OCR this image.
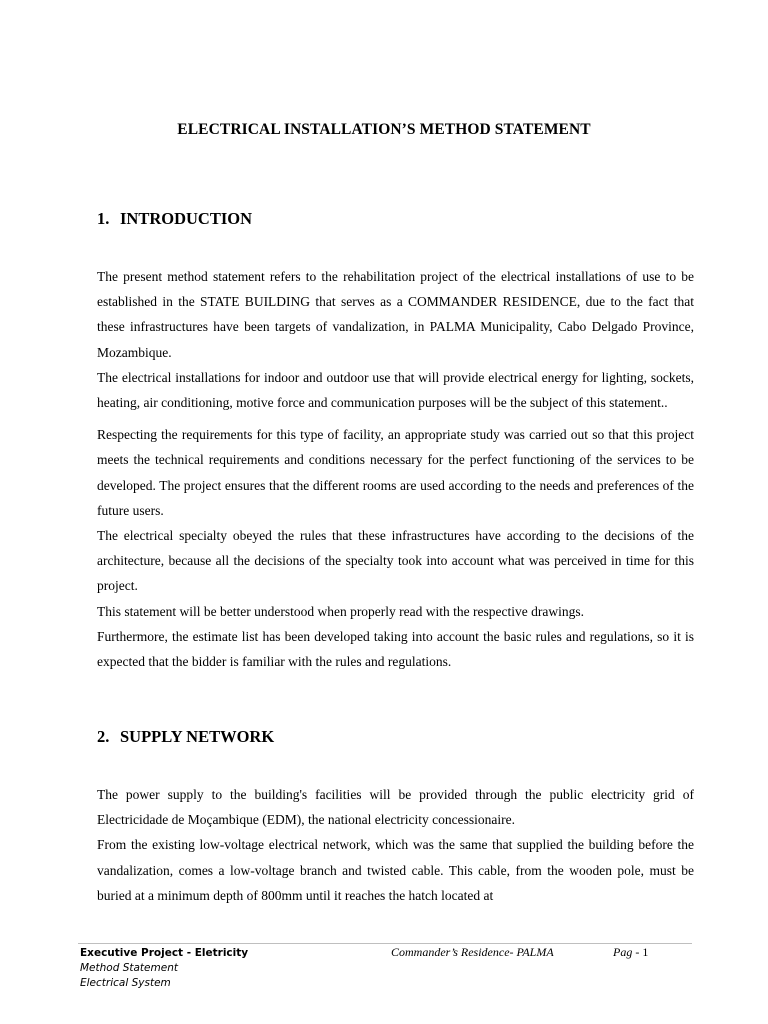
ELECTRICAL INSTALLATION’S METHOD STATEMENT
1. INTRODUCTION

The present method statement refers to the rehabilitation project of the electrical installations of use to be established in the STATE BUILDING that serves as a COMMANDER RESIDENCE, due to the fact that these infrastructures have been targets of vandalization, in PALMA Municipality, Cabo Delgado Province, Mozambique.

The electrical installations for indoor and outdoor use that will provide electrical energy for lighting, sockets, heating, air conditioning, motive force and communication purposes will be the subject of this statement..

Respecting the requirements for this type of facility, an appropriate study was carried out so that this project meets the technical requirements and conditions necessary for the perfect functioning of the services to be developed. The project ensures that the different rooms are used according to the needs and preferences of the future users.

The electrical specialty obeyed the rules that these infrastructures have according to the decisions of the architecture, because all the decisions of the specialty took into account what was perceived in time for this project.

This statement will be better understood when properly read with the respective drawings.

Furthermore, the estimate list has been developed taking into account the basic rules and regulations, so it is expected that the bidder is familiar with the rules and regulations.

2. SUPPLY NETWORK

The power supply to the building's facilities will be provided through the public electricity grid of Electricidade de Moçambique (EDM), the national electricity concessionaire.

From the existing low-voltage electrical network, which was the same that supplied the building before the vandalization, comes a low-voltage branch and twisted cable. This cable, from the wooden pole, must be buried at a minimum depth of 800mm until it reaches the hatch located at

Executive Project - Eletricity
Method Statement
Electrical System
Commander’s Residence- PALMA	Pag - 1
